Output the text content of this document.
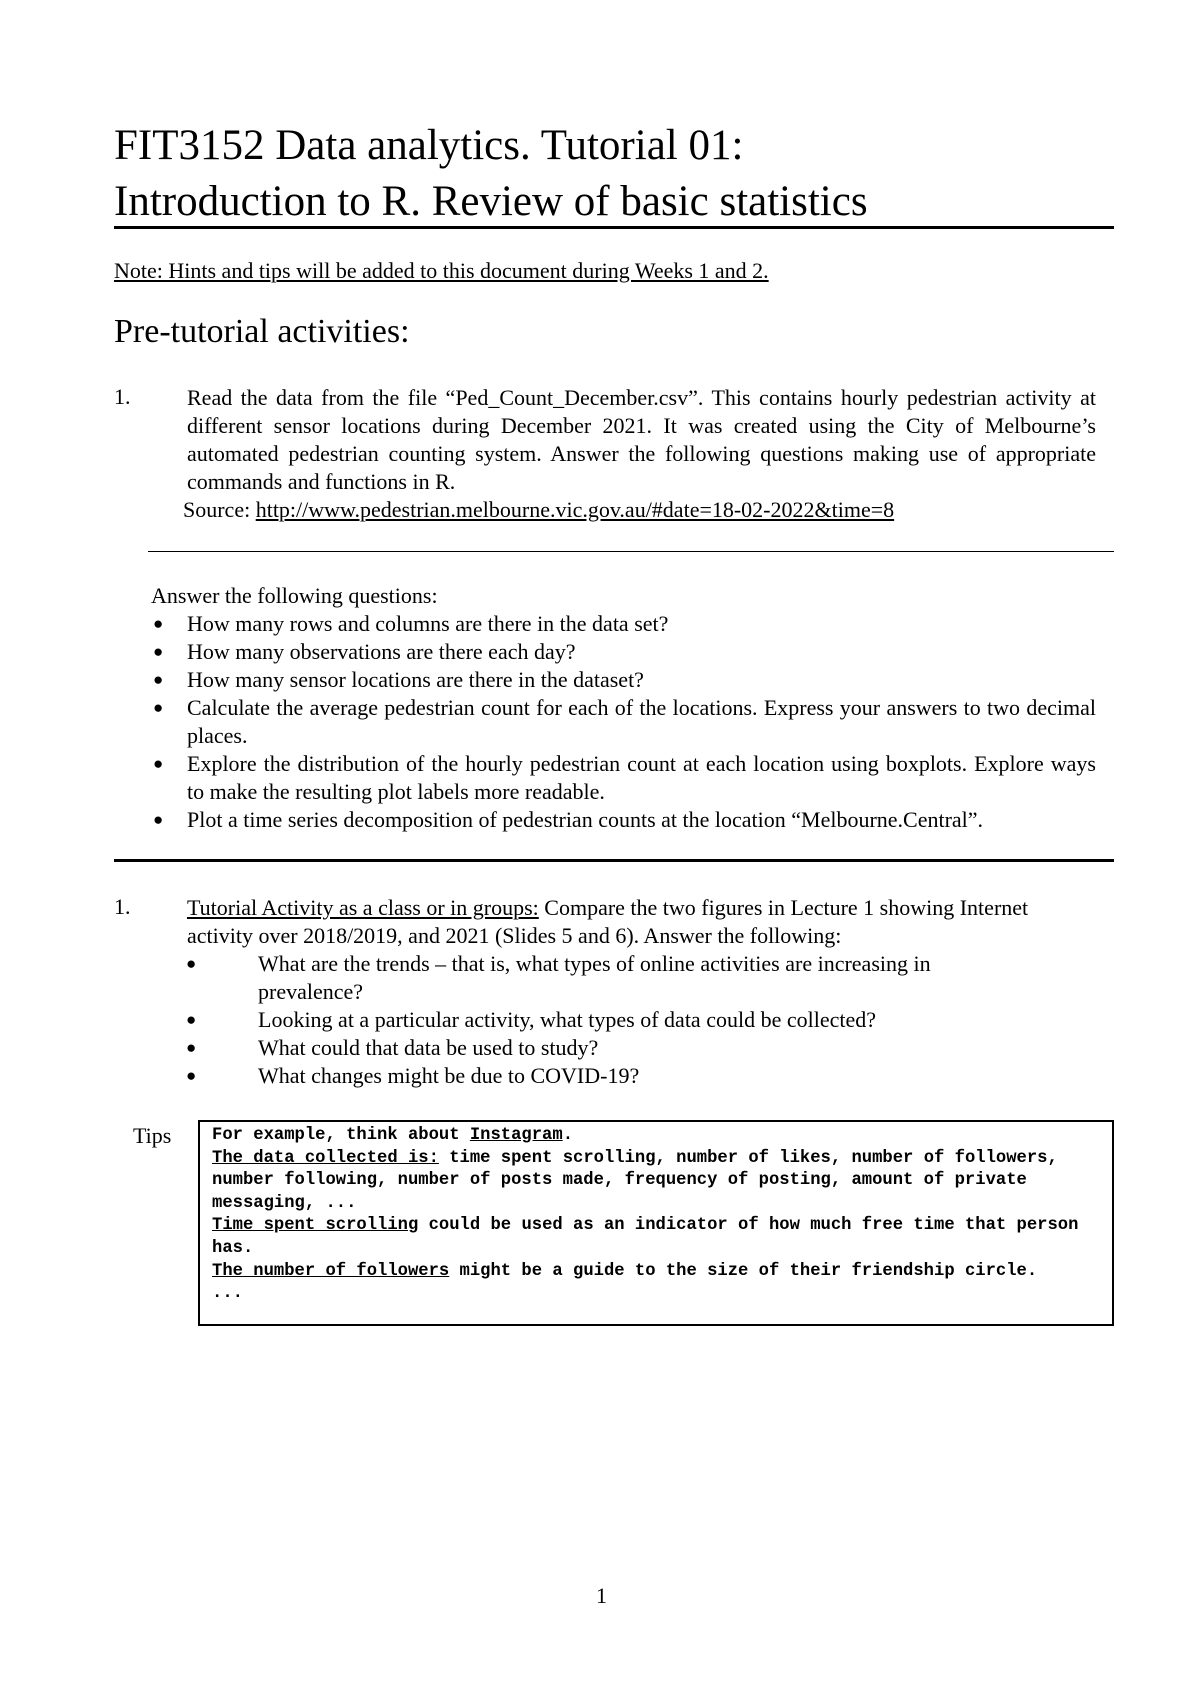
FIT3152 Data analytics. Tutorial 01:
Introduction to R. Review of basic statistics
Note: Hints and tips will be added to this document during Weeks 1 and 2.
Pre-tutorial activities:
1.	Read the data from the file “Ped_Count_December.csv”. This contains hourly pedestrian activity at different sensor locations during December 2021. It was created using the City of Melbourne’s automated pedestrian counting system. Answer the following questions making use of appropriate commands and functions in R.
Source: http://www.pedestrian.melbourne.vic.gov.au/#date=18-02-2022&time=8
Answer the following questions:
● How many rows and columns are there in the data set?
● How many observations are there each day?
● How many sensor locations are there in the dataset?
● Calculate the average pedestrian count for each of the locations. Express your answers to two decimal places.
● Explore the distribution of the hourly pedestrian count at each location using boxplots. Explore ways to make the resulting plot labels more readable.
● Plot a time series decomposition of pedestrian counts at the location “Melbourne.Central”.
1.	Tutorial Activity as a class or in groups: Compare the two figures in Lecture 1 showing Internet activity over 2018/2019, and 2021 (Slides 5 and 6). Answer the following:
●	What are the trends – that is, what types of online activities are increasing in prevalence?
●	Looking at a particular activity, what types of data could be collected?
●	What could that data be used to study?
●	What changes might be due to COVID-19?
Tips For example, think about Instagram.
The data collected is: time spent scrolling, number of likes, number of followers, number following, number of posts made, frequency of posting, amount of private messaging, ...
Time spent scrolling could be used as an indicator of how much free time that person has.
The number of followers might be a guide to the size of their friendship circle.
...
1
